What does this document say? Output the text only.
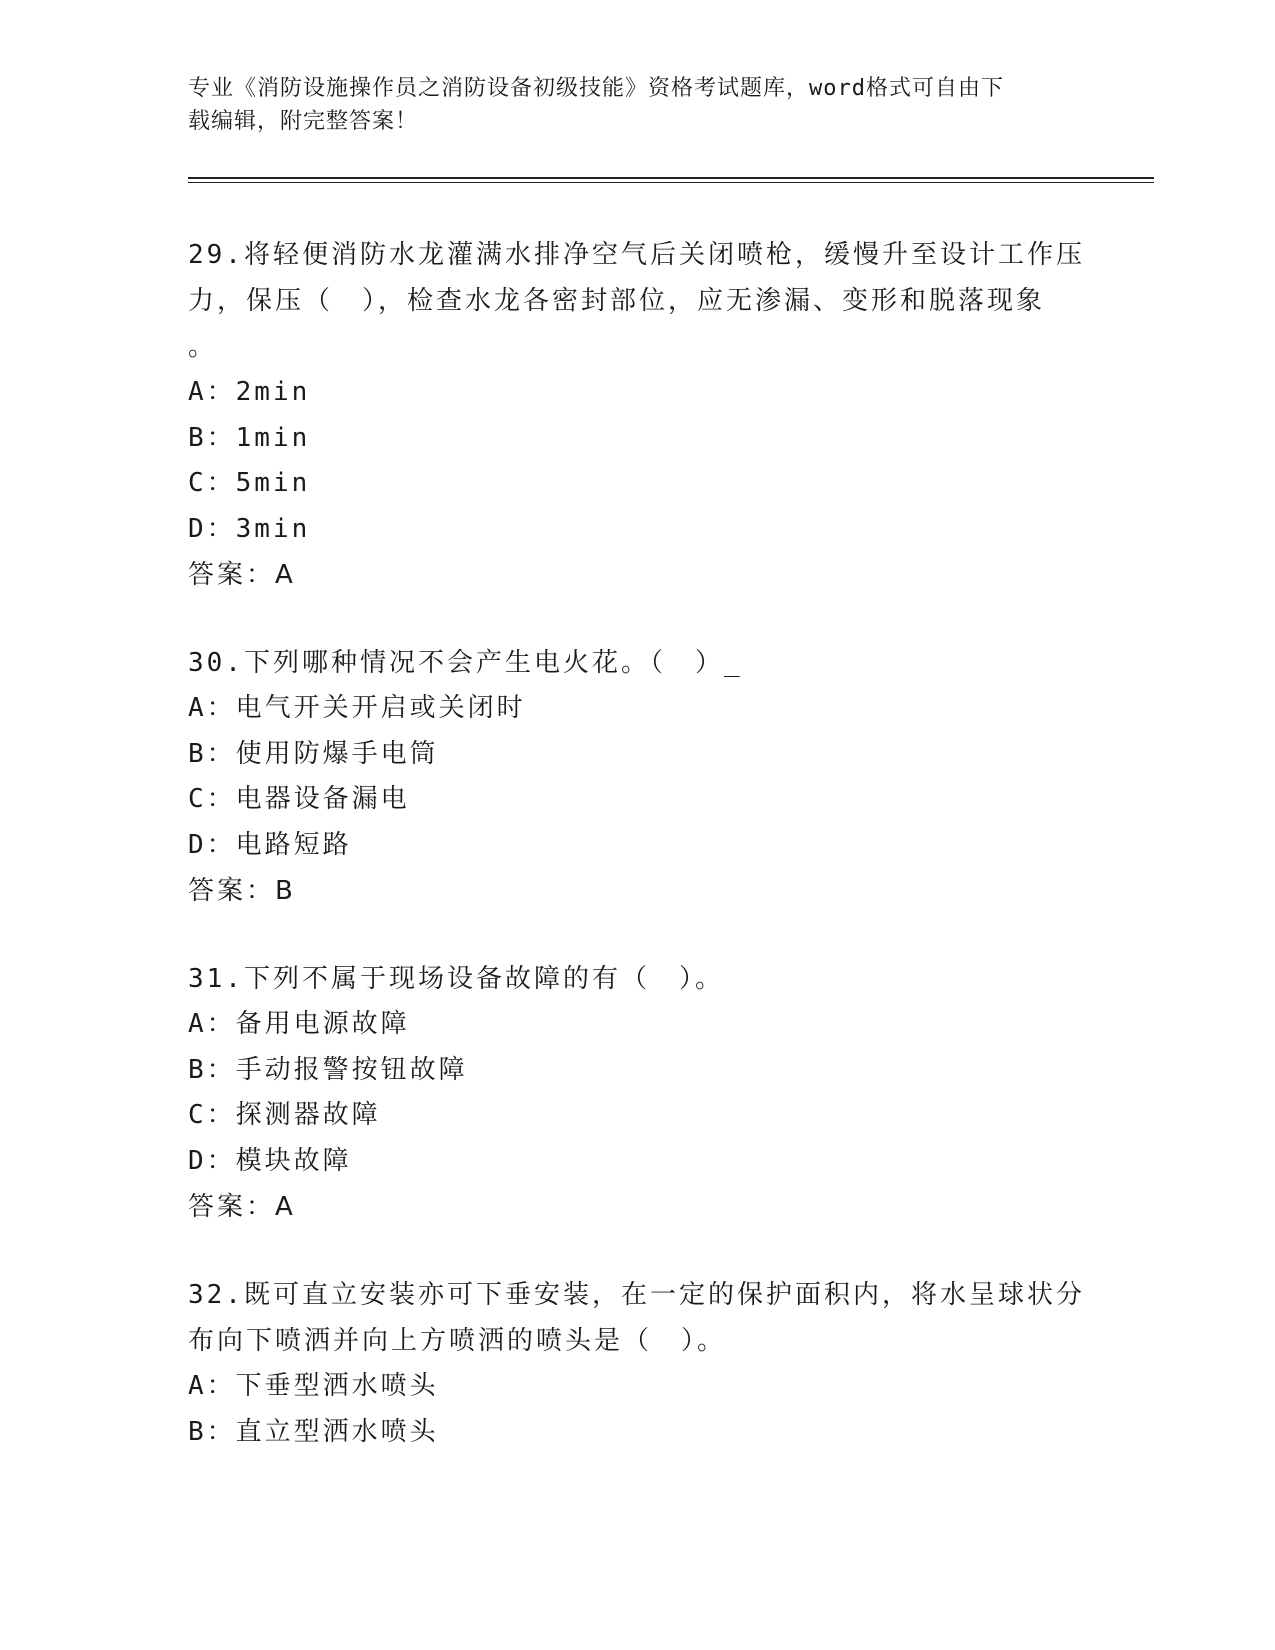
专业《消防设施操作员之消防设备初级技能》资格考试题库，word格式可自由下
载编辑，附完整答案！
29.将轻便消防水龙灌满水排净空气后关闭喷枪，缓慢升至设计工作压
力，保压（　），检查水龙各密封部位，应无渗漏、变形和脱落现象
。
A：2min
B：1min
C：5min
D：3min
答案：A
30.下列哪种情况不会产生电火花。（　）_
A：电气开关开启或关闭时
B：使用防爆手电筒
C：电器设备漏电
D：电路短路
答案：B
31.下列不属于现场设备故障的有（　）。
A：备用电源故障
B：手动报警按钮故障
C：探测器故障
D：模块故障
答案：A
32.既可直立安装亦可下垂安装，在一定的保护面积内，将水呈球状分
布向下喷洒并向上方喷洒的喷头是（　）。
A：下垂型洒水喷头
B：直立型洒水喷头
